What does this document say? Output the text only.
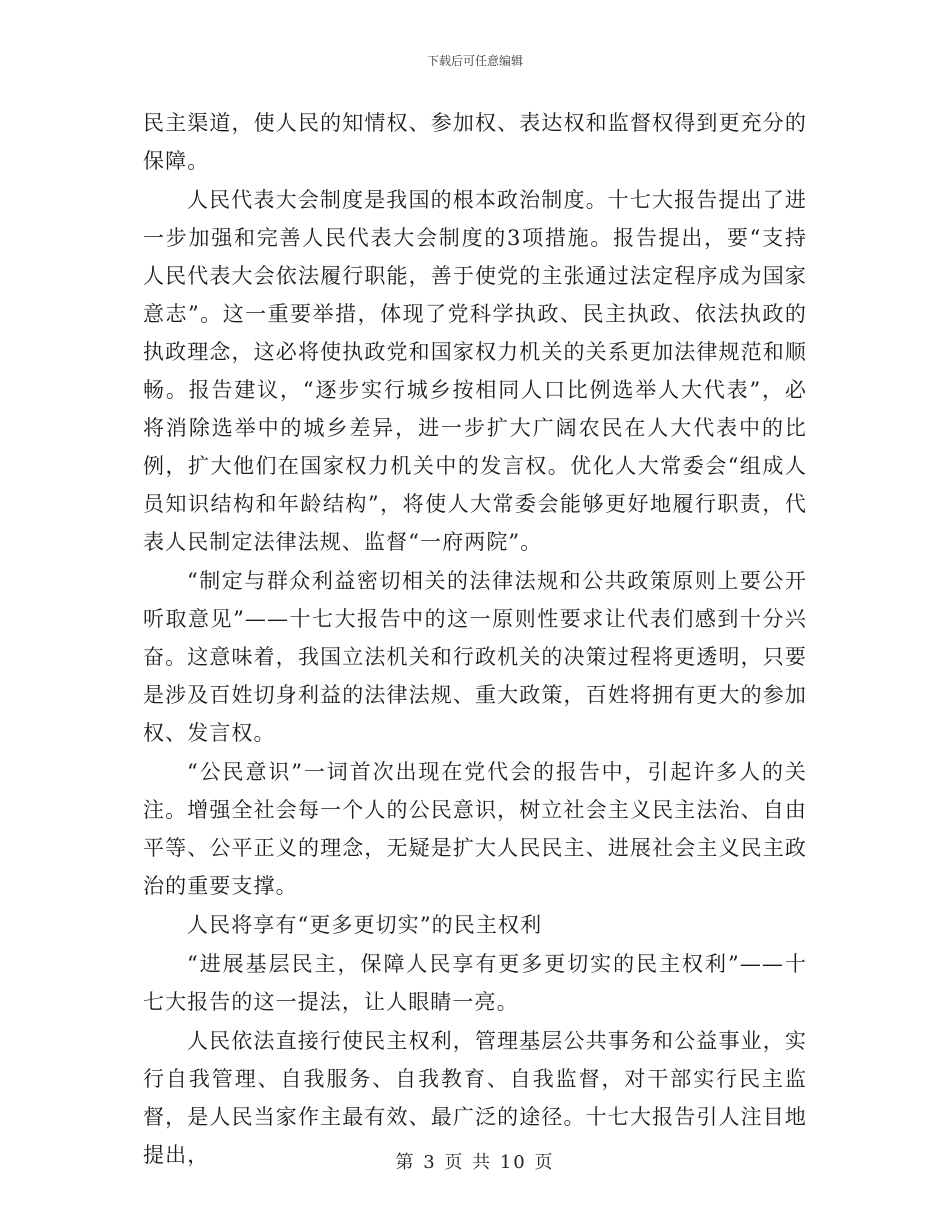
下载后可任意编辑

民主渠道，使人民的知情权、参加权、表达权和监督权得到更充分的保障。

人民代表大会制度是我国的根本政治制度。十七大报告提出了进一步加强和完善人民代表大会制度的3项措施。报告提出，要“支持人民代表大会依法履行职能，善于使党的主张通过法定程序成为国家意志”。这一重要举措，体现了党科学执政、民主执政、依法执政的执政理念，这必将使执政党和国家权力机关的关系更加法律规范和顺畅。报告建议，“逐步实行城乡按相同人口比例选举人大代表”，必将消除选举中的城乡差异，进一步扩大广阔农民在人大代表中的比例，扩大他们在国家权力机关中的发言权。优化人大常委会“组成人员知识结构和年龄结构”，将使人大常委会能够更好地履行职责，代表人民制定法律法规、监督“一府两院”。

“制定与群众利益密切相关的法律法规和公共政策原则上要公开听取意见”——十七大报告中的这一原则性要求让代表们感到十分兴奋。这意味着，我国立法机关和行政机关的决策过程将更透明，只要是涉及百姓切身利益的法律法规、重大政策，百姓将拥有更大的参加权、发言权。

“公民意识”一词首次出现在党代会的报告中，引起许多人的关注。增强全社会每一个人的公民意识，树立社会主义民主法治、自由平等、公平正义的理念，无疑是扩大人民民主、进展社会主义民主政治的重要支撑。

人民将享有“更多更切实”的民主权利

“进展基层民主，保障人民享有更多更切实的民主权利”——十七大报告的这一提法，让人眼睛一亮。

人民依法直接行使民主权利，管理基层公共事务和公益事业，实行自我管理、自我服务、自我教育、自我监督，对干部实行民主监督，是人民当家作主最有效、最广泛的途径。十七大报告引人注目地提出，	第 3 页 共 10 页
